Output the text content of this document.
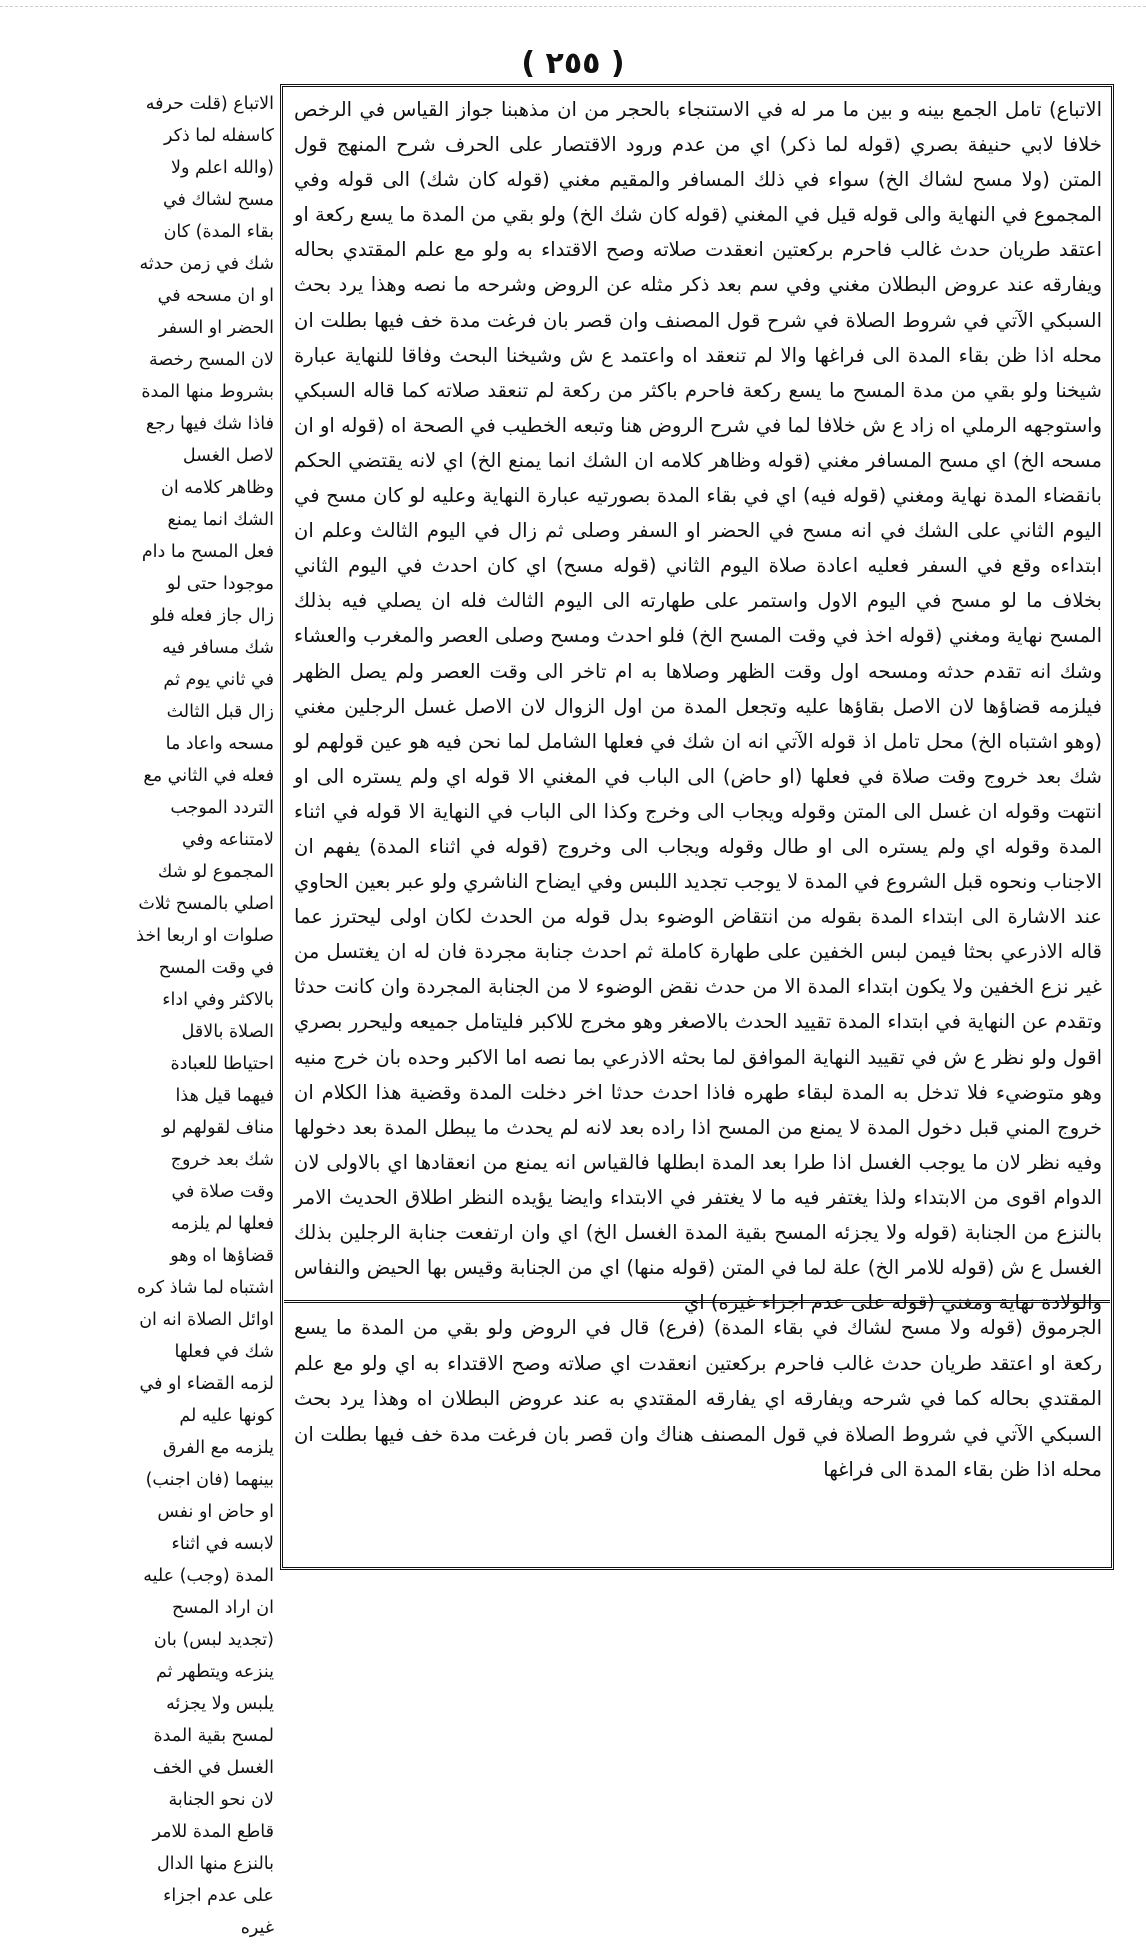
( ٢٥٥ )

الاتباع) تامل الجمع بينه و بين ما مر له في الاستنجاء بالحجر من ان مذهبنا جواز القياس في الرخص خلافا لابي حنيفة بصري (قوله لما ذكر) اي من عدم ورود الاقتصار على الحرف شرح المنهج قول المتن (ولا مسح لشاك الخ) سواء في ذلك المسافر والمقيم مغني (قوله كان شك) الى قوله وفي المجموع في النهاية والى قوله قيل في المغني (قوله كان شك الخ) ولو بقي من المدة ما يسع ركعة او اعتقد طريان حدث غالب فاحرم بركعتين انعقدت صلاته وصح الاقتداء به ولو مع علم المقتدي بحاله ويفارقه عند عروض البطلان مغني وفي سم بعد ذكر مثله عن الروض وشرحه ما نصه وهذا يرد بحث السبكي الآتي في شروط الصلاة في شرح قول المصنف وان قصر بان فرغت مدة خف فيها بطلت ان محله اذا ظن بقاء المدة الى فراغها والا لم تنعقد اه واعتمد ع ش وشيخنا البحث وفاقا للنهاية عبارة شيخنا ولو بقي من مدة المسح ما يسع ركعة فاحرم باكثر من ركعة لم تنعقد صلاته كما قاله السبكي واستوجهه الرملي اه زاد ع ش خلافا لما في شرح الروض هنا وتبعه الخطيب في الصحة اه (قوله او ان مسحه الخ) اي مسح المسافر مغني (قوله وظاهر كلامه ان الشك انما يمنع الخ) اي لانه يقتضي الحكم بانقضاء المدة نهاية ومغني (قوله فيه) اي في بقاء المدة بصورتيه عبارة النهاية وعليه لو كان مسح في اليوم الثاني على الشك في انه مسح في الحضر او السفر وصلى ثم زال في اليوم الثالث وعلم ان ابتداءه وقع في السفر فعليه اعادة صلاة اليوم الثاني (قوله مسح) اي كان احدث في اليوم الثاني بخلاف ما لو مسح في اليوم الاول واستمر على طهارته الى اليوم الثالث فله ان يصلي فيه بذلك المسح نهاية ومغني (قوله اخذ في وقت المسح الخ) فلو احدث ومسح وصلى العصر والمغرب والعشاء وشك انه تقدم حدثه ومسحه اول وقت الظهر وصلاها به ام تاخر الى وقت العصر ولم يصل الظهر فيلزمه قضاؤها لان الاصل بقاؤها عليه وتجعل المدة من اول الزوال لان الاصل غسل الرجلين مغني (وهو اشتباه الخ) محل تامل اذ قوله الآتي انه ان شك في فعلها الشامل لما نحن فيه هو عين قولهم لو شك بعد خروج وقت صلاة في فعلها (او حاض) الى الباب في المغني الا قوله اي ولم يستره الى او انتهت وقوله ان غسل الى المتن وقوله ويجاب الى وخرج وكذا الى الباب في النهاية الا قوله في اثناء المدة وقوله اي ولم يستره الى او طال وقوله ويجاب الى وخروج (قوله في اثناء المدة) يفهم ان الاجناب ونحوه قبل الشروع في المدة لا يوجب تجديد اللبس وفي ايضاح الناشري ولو عبر بعين الحاوي عند الاشارة الى ابتداء المدة بقوله من انتقاض الوضوء بدل قوله من الحدث لكان اولى ليحترز عما قاله الاذرعي بحثا فيمن لبس الخفين على طهارة كاملة ثم احدث جنابة مجردة فان له ان يغتسل من غير نزع الخفين ولا يكون ابتداء المدة الا من حدث نقض الوضوء لا من الجنابة المجردة وان كانت حدثا وتقدم عن النهاية في ابتداء المدة تقييد الحدث بالاصغر وهو مخرج للاكبر فليتامل جميعه وليحرر بصري اقول ولو نظر ع ش في تقييد النهاية الموافق لما بحثه الاذرعي بما نصه اما الاكبر وحده بان خرج منيه وهو متوضيء فلا تدخل به المدة لبقاء طهره فاذا احدث حدثا اخر دخلت المدة وقضية هذا الكلام ان خروج المني قبل دخول المدة لا يمنع من المسح اذا راده بعد لانه لم يحدث ما يبطل المدة بعد دخولها وفيه نظر لان ما يوجب الغسل اذا طرا بعد المدة ابطلها فالقياس انه يمنع من انعقادها اي بالاولى لان الدوام اقوى من الابتداء ولذا يغتفر فيه ما لا يغتفر في الابتداء وايضا يؤيده النظر اطلاق الحديث الامر بالنزع من الجنابة (قوله ولا يجزئه المسح بقية المدة الغسل الخ) اي وان ارتفعت جنابة الرجلين بذلك الغسل ع ش (قوله للامر الخ) علة لما في المتن (قوله منها) اي من الجنابة وقيس بها الحيض والنفاس والولادة نهاية ومغني (قوله على عدم اجزاء غيره) اي

الجرموق (قوله ولا مسح لشاك في بقاء المدة) (فرع) قال في الروض ولو بقي من المدة ما يسع ركعة او اعتقد طريان حدث غالب فاحرم بركعتين انعقدت اي صلاته وصح الاقتداء به اي ولو مع علم المقتدي بحاله كما في شرحه ويفارقه اي يفارقه المقتدي به عند عروض البطلان اه وهذا يرد بحث السبكي الآتي في شروط الصلاة في قول المصنف هناك وان قصر بان فرغت مدة خف فيها بطلت ان محله اذا ظن بقاء المدة الى فراغها

الاتباع (قلت حرفه كاسفله لما ذكر (والله اعلم ولا مسح لشاك في بقاء المدة) كان شك في زمن حدثه او ان مسحه في الحضر او السفر لان المسح رخصة بشروط منها المدة فاذا شك فيها رجع لاصل الغسل وظاهر كلامه ان الشك انما يمنع فعل المسح ما دام موجودا حتى لو زال جاز فعله فلو شك مسافر فيه في ثاني يوم ثم زال قبل الثالث مسحه واعاد ما فعله في الثاني مع التردد الموجب لامتناعه وفي المجموع لو شك اصلي بالمسح ثلاث صلوات او اربعا اخذ في وقت المسح بالاكثر وفي اداء الصلاة بالاقل احتياطا للعبادة فيهما قيل هذا مناف لقولهم لو شك بعد خروج وقت صلاة في فعلها لم يلزمه قضاؤها اه وهو اشتباه لما شاذ كره اوائل الصلاة انه ان شك في فعلها لزمه القضاء او في كونها عليه لم يلزمه مع الفرق بينهما (فان اجنب) او حاض او نفس لابسه في اثناء المدة (وجب) عليه ان اراد المسح (تجديد لبس) بان ينزعه ويتطهر ثم يلبس ولا يجزئه لمسح بقية المدة الغسل في الخف لان نحو الجنابة قاطع المدة للامر بالنزع منها الدال على عدم اجزاء غيره
